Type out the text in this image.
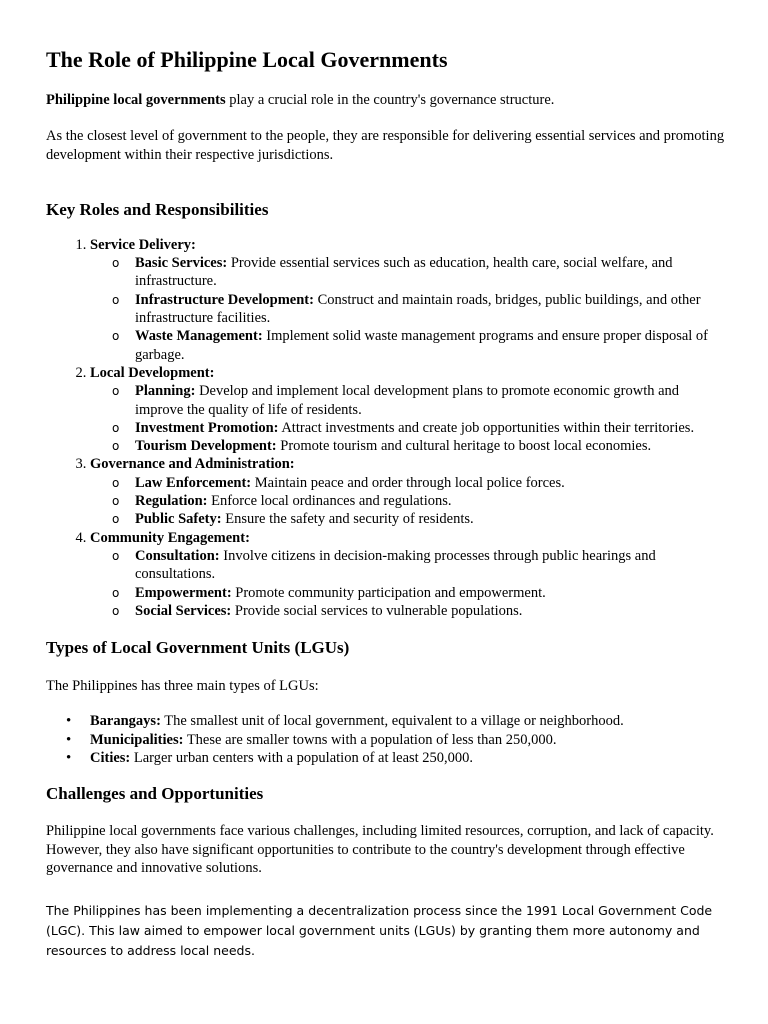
The Role of Philippine Local Governments

Philippine local governments play a crucial role in the country's governance structure.

As the closest level of government to the people, they are responsible for delivering essential services and promoting development within their respective jurisdictions.

Key Roles and Responsibilities
1. Service Delivery:
o Basic Services: Provide essential services such as education, health care, social welfare, and infrastructure.
o Infrastructure Development: Construct and maintain roads, bridges, public buildings, and other infrastructure facilities.
o Waste Management: Implement solid waste management programs and ensure proper disposal of garbage.
2. Local Development:
o Planning: Develop and implement local development plans to promote economic growth and improve the quality of life of residents.
o Investment Promotion: Attract investments and create job opportunities within their territories.
o Tourism Development: Promote tourism and cultural heritage to boost local economies.
3. Governance and Administration:
o Law Enforcement: Maintain peace and order through local police forces.
o Regulation: Enforce local ordinances and regulations.
o Public Safety: Ensure the safety and security of residents.
4. Community Engagement:
o Consultation: Involve citizens in decision-making processes through public hearings and consultations.
o Empowerment: Promote community participation and empowerment.
o Social Services: Provide social services to vulnerable populations.
Types of Local Government Units (LGUs)

The Philippines has three main types of LGUs:

• Barangays: The smallest unit of local government, equivalent to a village or neighborhood.
• Municipalities: These are smaller towns with a population of less than 250,000.
• Cities: Larger urban centers with a population of at least 250,000.
Challenges and Opportunities

Philippine local governments face various challenges, including limited resources, corruption, and lack of capacity. However, they also have significant opportunities to contribute to the country's development through effective governance and innovative solutions.

The Philippines has been implementing a decentralization process since the 1991 Local Government Code (LGC). This law aimed to empower local government units (LGUs) by granting them more autonomy and resources to address local needs.
